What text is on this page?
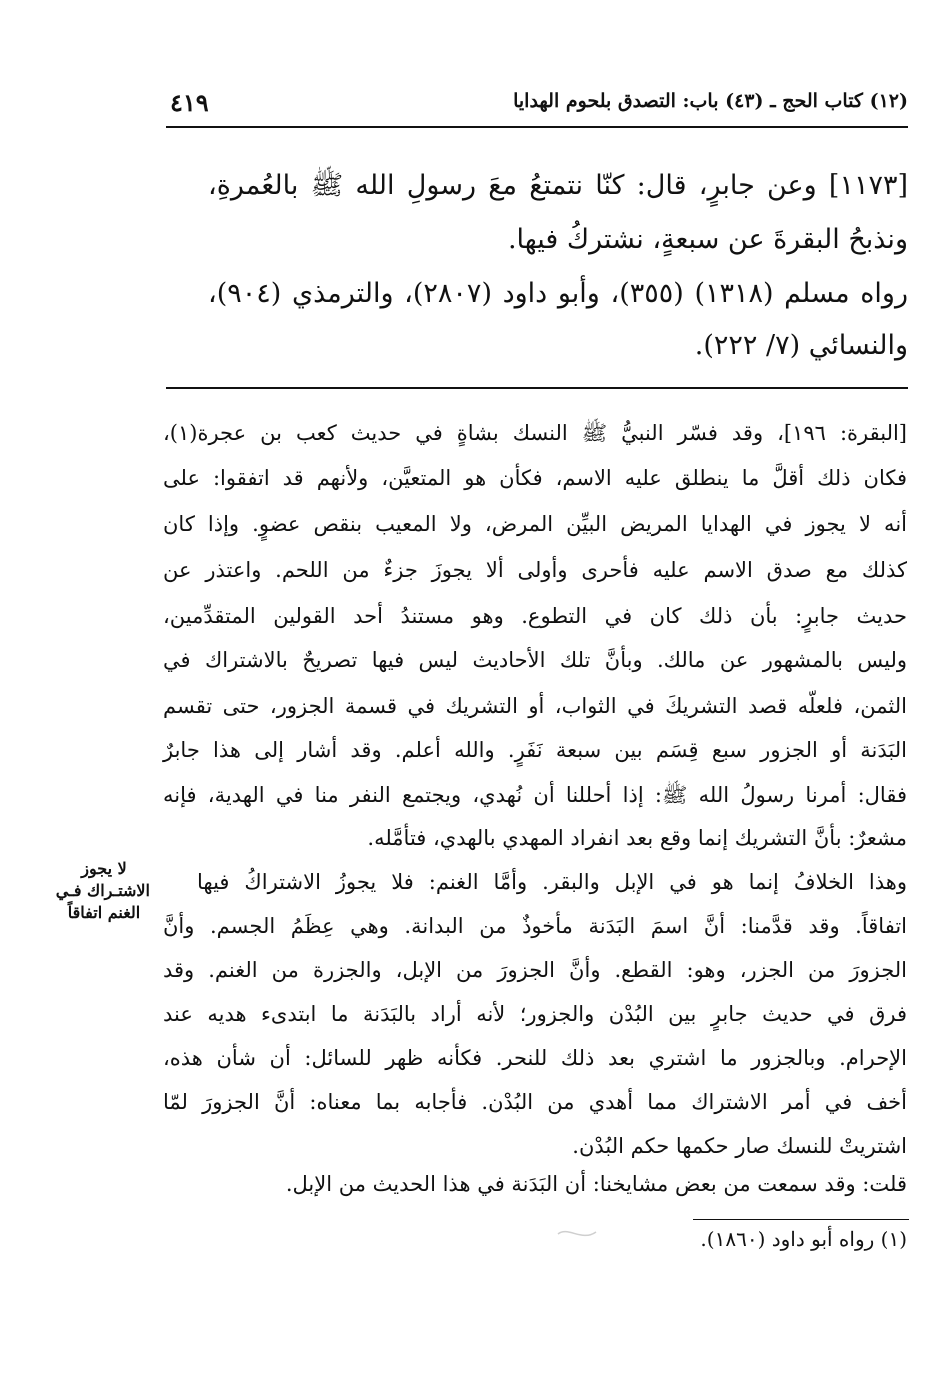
٤١٩	(١٢) كتاب الحج ـ (٤٣) باب: التصدق بلحوم الهدايا
[١١٧٣] وعن جابرٍ، قال: كنّا نتمتعُ معَ رسولِ الله ﷺ بالعُمرةِ،
ونذبحُ البقرةَ عن سبعةٍ، نشتركُ فيها.
رواه مسلم (١٣١٨) (٣٥٥)، وأبو داود (٢٨٠٧)، والترمذي (٩٠٤)،
والنسائي (٧/ ٢٢٢).
[البقرة: ١٩٦]، وقد فسّر النبيُّ ﷺ النسك بشاةٍ في حديث كعب بن عجرة(١)،
فكان ذلك أقلَّ ما ينطلق عليه الاسم، فكأن هو المتعيَّن، ولأنهم قد اتفقوا: على
أنه لا يجوز في الهدايا المريض البيِّن المرض، ولا المعيب بنقص عضوٍ. وإذا كان
كذلك مع صدق الاسم عليه فأحرى وأولى ألا يجوزَ جزءٌ من اللحم. واعتذر عن
حديث جابرٍ: بأن ذلك كان في التطوع. وهو مستندُ أحد القولين المتقدِّمين،
وليس بالمشهور عن مالك. وبأنَّ تلك الأحاديث ليس فيها تصريحٌ بالاشتراك في
الثمن، فلعلّه قصد التشريكَ في الثواب، أو التشريك في قسمة الجزور، حتى تقسم
البَدَنة أو الجزور سبع قِسَم بين سبعة نَفَرٍ. والله أعلم. وقد أشار إلى هذا جابرٌ
فقال: أمرنا رسولُ الله ﷺ: إذا أحللنا أن نُهدي، ويجتمع النفر منا في الهدية، فإنه
مشعرٌ: بأنَّ التشريك إنما وقع بعد انفراد المهدي بالهدي، فتأمَّله.
وهذا الخلافُ إنما هو في الإبل والبقر. وأمَّا الغنم: فلا يجوزُ الاشتراكُ فيها
اتفاقاً. وقد قدَّمنا: أنَّ اسمَ البَدَنة مأخوذٌ من البدانة. وهي عِظَمُ الجسم. وأنَّ
الجزورَ من الجزر، وهو: القطع. وأنَّ الجزورَ من الإبل، والجزرة من الغنم. وقد
فرق في حديث جابرٍ بين البُدْن والجزور؛ لأنه أراد بالبَدَنة ما ابتدىء هديه عند
الإحرام. وبالجزور ما اشتري بعد ذلك للنحر. فكأنه ظهر للسائل: أن شأن هذه،
أخف في أمر الاشتراك مما أهدي من البُدْن. فأجابه بما معناه: أنَّ الجزورَ لمّا
اشتريتْ للنسك صار حكمها حكم البُدْن.
قلت: وقد سمعت من بعض مشايخنا: أن البَدَنة في هذا الحديث من الإبل.
لا يجوز
الاشتـراك فـي
الغنم اتفاقاً
(١) رواه أبو داود (١٨٦٠).
